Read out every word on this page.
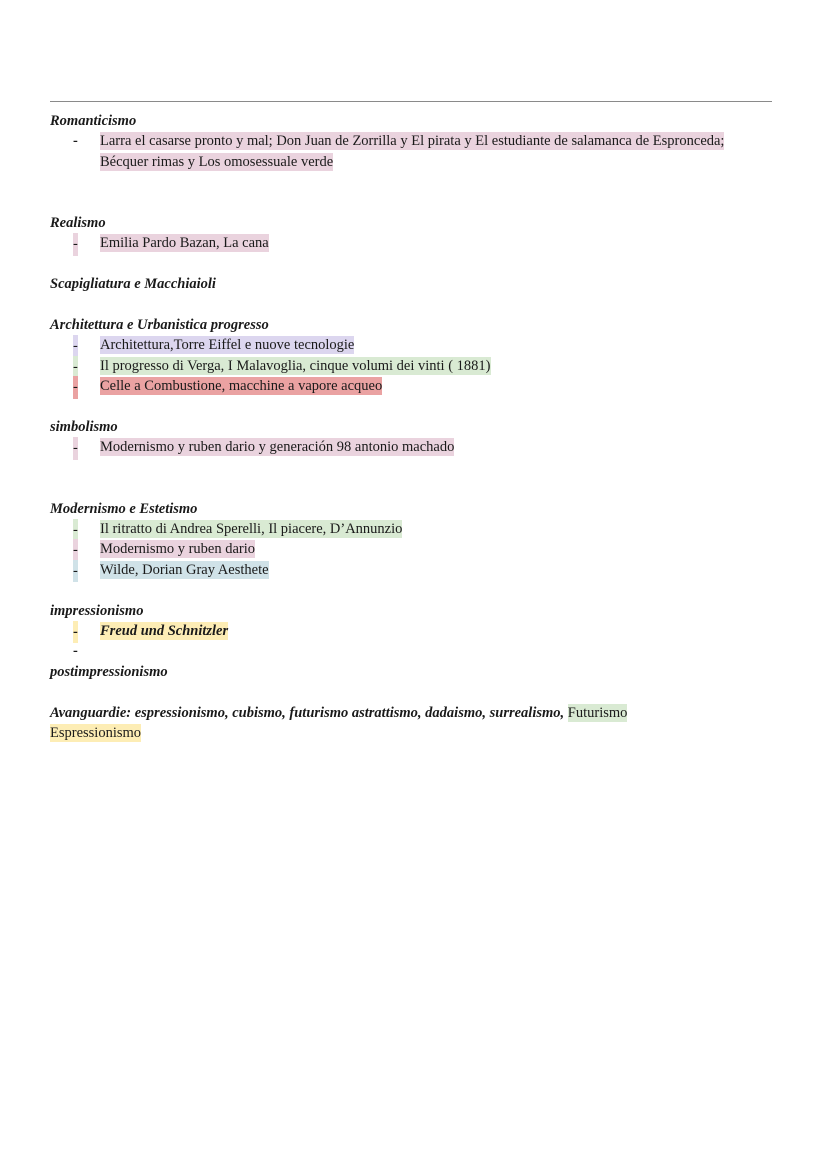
Romanticismo
- Larra el casarse pronto y mal; Don Juan de Zorrilla y El pirata y El estudiante de salamanca de Espronceda; Bécquer rimas y Los omosessuale verde
Realismo
- Emilia Pardo Bazan, La cana
Scapigliatura e Macchiaioli
Architettura e Urbanistica progresso
- Architettura,Torre Eiffel e nuove tecnologie
- Il progresso di Verga, I Malavoglia, cinque volumi dei vinti ( 1881)
- Celle a Combustione, macchine a vapore acqueo
simbolismo
- Modernismo y ruben dario y generación 98 antonio machado
Modernismo e Estetismo
- Il ritratto di Andrea Sperelli, Il piacere, D’Annunzio
- Modernismo y ruben dario
- Wilde, Dorian Gray Aesthete
impressionismo
- Freud und Schnitzler
-

postimpressionismo
Avanguardie: espressionismo, cubismo, futurismo astrattismo, dadaismo, surrealismo, Futurismo
Espressionismo
